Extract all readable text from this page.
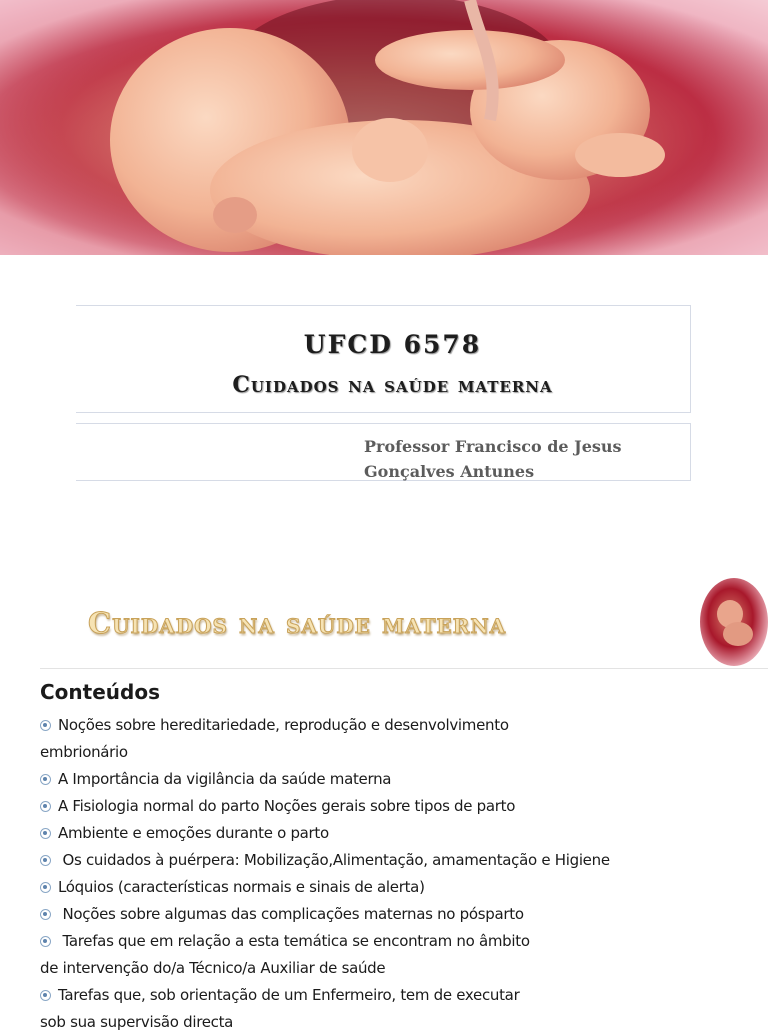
UFCD 6578
Cuidados na saúde materna
Professor Francisco de Jesus
Gonçalves Antunes
Cuidados na saúde materna
Conteúdos
Noções sobre hereditariedade, reprodução e desenvolvimento
embrionário
A Importância da vigilância da saúde materna
A Fisiologia normal do parto Noções gerais sobre tipos de parto
Ambiente e emoções durante o parto
Os cuidados à puérpera: Mobilização,Alimentação, amamentação e Higiene
Lóquios (características normais e sinais de alerta)
Noções sobre algumas das complicações maternas no pósparto
Tarefas que em relação a esta temática se encontram no âmbito
de intervenção do/a Técnico/a Auxiliar de saúde
Tarefas que, sob orientação de um Enfermeiro, tem de executar
sob sua supervisão directa
